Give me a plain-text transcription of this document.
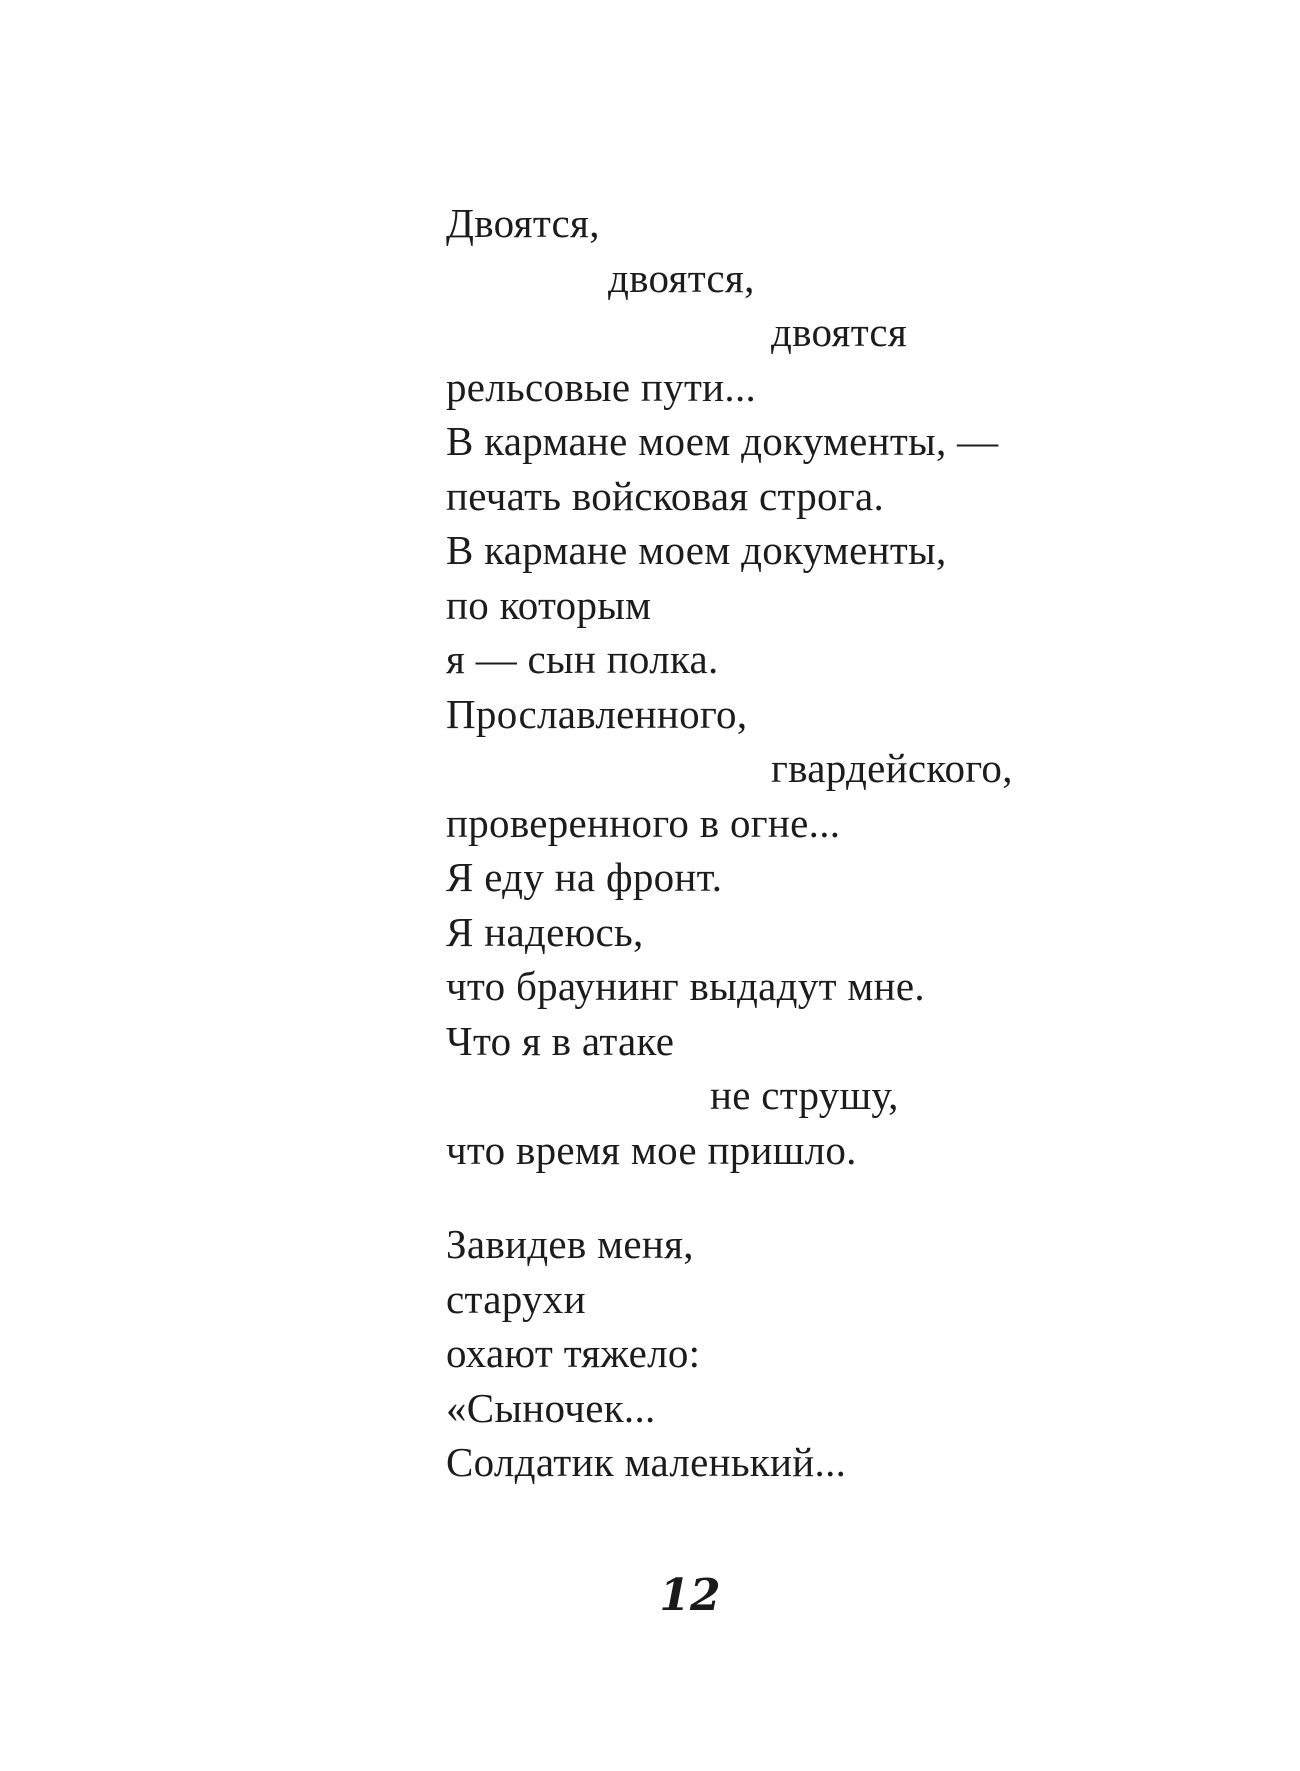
Двоятся,
двоятся,
двоятся
рельсовые пути...
В кармане моем документы, —
печать войсковая строга.
В кармане моем документы,
по которым
я — сын полка.
Прославленного,
гвардейского,
проверенного в огне...
Я еду на фронт.
Я надеюсь,
что браунинг выдадут мне.
Что я в атаке
не струшу,
что время мое пришло.
Завидев меня,
старухи
охают тяжело:
«Сыночек...
Солдатик маленький...
12
